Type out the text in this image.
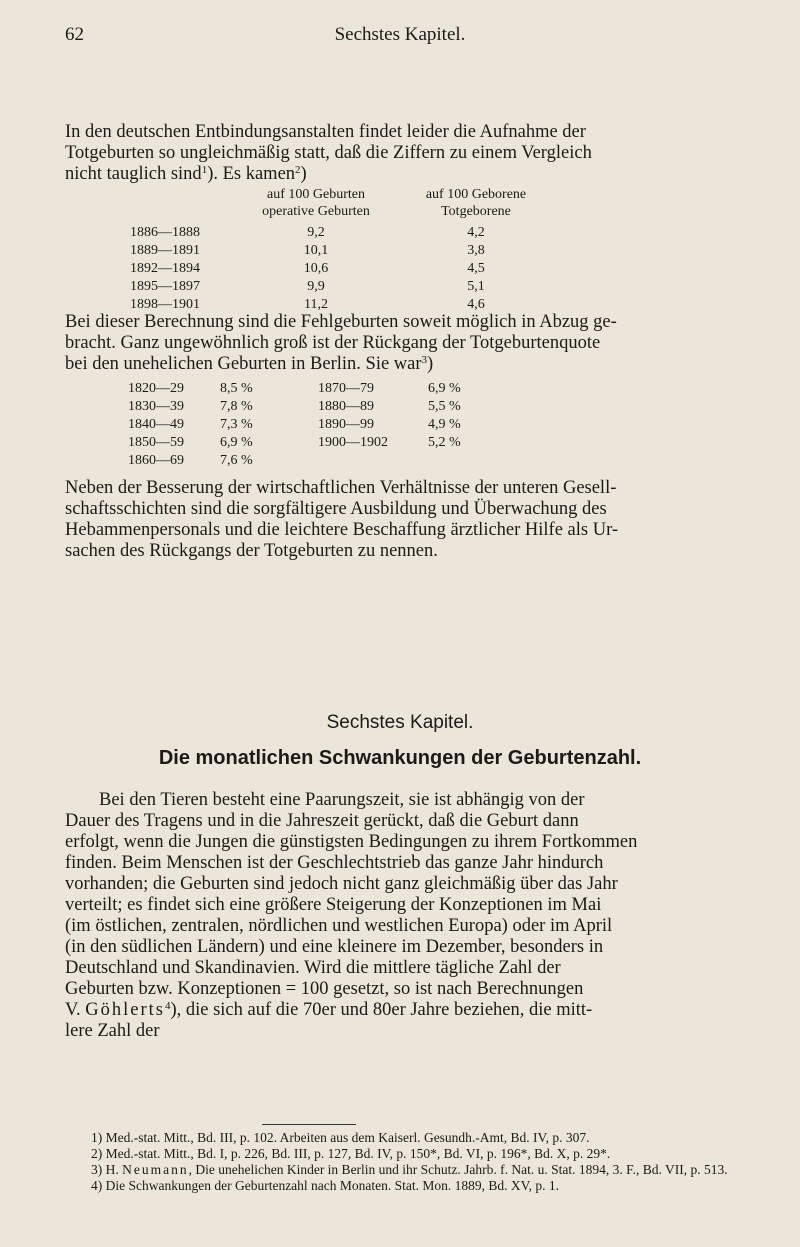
62	Sechstes Kapitel.
In den deutschen Entbindungsanstalten findet leider die Aufnahme der
Totgeburten so ungleichmäßig statt, daß die Ziffern zu einem Vergleich
nicht tauglich sind$^1$). Es kamen$^2$)
auf 100 Geburten
operative Geburten
auf 100 Geborene
Totgeborene
1886—1888	9,2	4,2
1889—1891	10,1	3,8
1892—1894	10,6	4,5
1895—1897	9,9	5,1
1898—1901	11,2	4,6
Bei dieser Berechnung sind die Fehlgeburten soweit möglich in Abzug ge-
bracht. Ganz ungewöhnlich groß ist der Rückgang der Totgeburtenquote
bei den unehelichen Geburten in Berlin. Sie war$^3$)
1820—29	8,5 %	1870—79	6,9 %
1830—39	7,8 %	1880—89	5,5 %
1840—49	7,3 %	1890—99	4,9 %
1850—59	6,9 %	1900—1902	5,2 %
1860—69	7,6 %
Neben der Besserung der wirtschaftlichen Verhältnisse der unteren Gesell-
schaftsschichten sind die sorgfältigere Ausbildung und Überwachung des
Hebammenpersonals und die leichtere Beschaffung ärztlicher Hilfe als Ur-
sachen des Rückgangs der Totgeburten zu nennen.
Sechstes Kapitel.
Die monatlichen Schwankungen der Geburtenzahl.
Bei den Tieren besteht eine Paarungszeit, sie ist abhängig von der
Dauer des Tragens und in die Jahreszeit gerückt, daß die Geburt dann
erfolgt, wenn die Jungen die günstigsten Bedingungen zu ihrem Fortkommen
finden. Beim Menschen ist der Geschlechtstrieb das ganze Jahr hindurch
vorhanden; die Geburten sind jedoch nicht ganz gleichmäßig über das Jahr
verteilt; es findet sich eine größere Steigerung der Konzeptionen im Mai
(im östlichen, zentralen, nördlichen und westlichen Europa) oder im April
(in den südlichen Ländern) und eine kleinere im Dezember, besonders in
Deutschland und Skandinavien. Wird die mittlere tägliche Zahl der
Geburten bzw. Konzeptionen = 100 gesetzt, so ist nach Berechnungen
V. Göhlerts$^4$), die sich auf die 70er und 80er Jahre beziehen, die mitt-
lere Zahl der

1) Med.-stat. Mitt., Bd. III, p. 102. Arbeiten aus dem Kaiserl. Gesundh.-Amt, Bd. IV, p. 307.

2) Med.-stat. Mitt., Bd. I, p. 226, Bd. III, p. 127, Bd. IV, p. 150*, Bd. VI, p. 196*, Bd. X, p. 29*.

3) H. Neumann, Die unehelichen Kinder in Berlin und ihr Schutz. Jahrb. f. Nat. u. Stat. 1894, 3. F., Bd. VII, p. 513.

4) Die Schwankungen der Geburtenzahl nach Monaten. Stat. Mon. 1889, Bd. XV, p. 1.
